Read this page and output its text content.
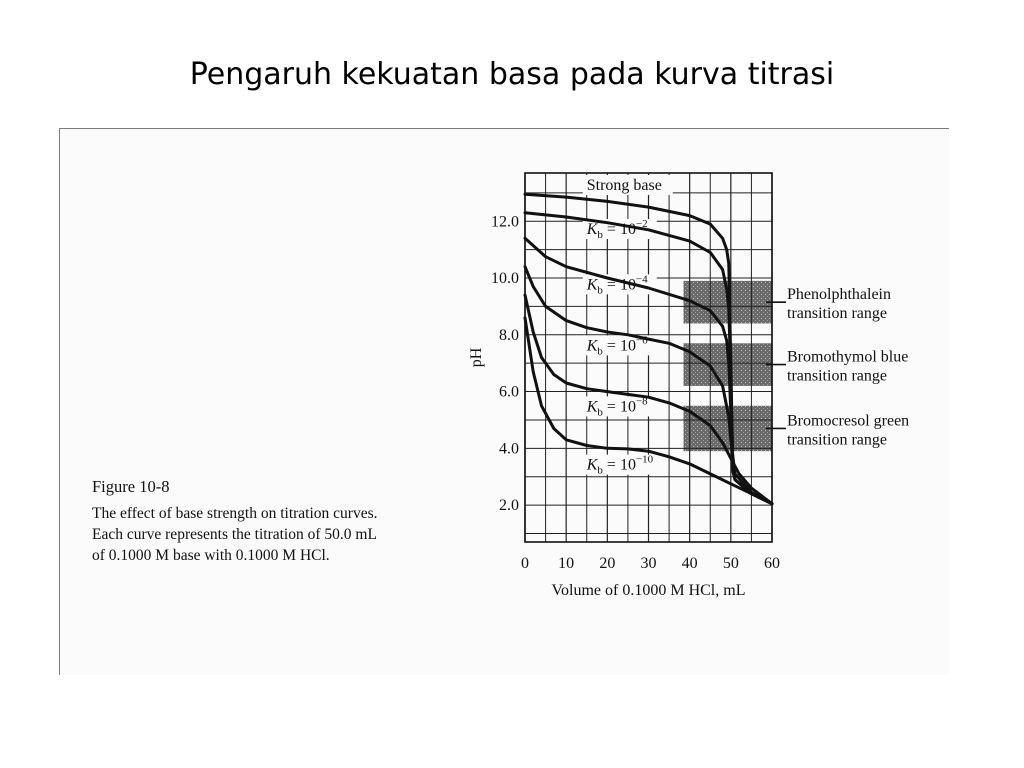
Pengaruh kekuatan basa pada kurva titrasi

Figure 10-8

The effect of base strength on titration curves. Each curve represents the titration of 50.0 mL of 0.1000 M base with 0.1000 M HCl.

Strong base
$K_b = 10^{-2}$
$K_b = 10^{-4}$
$K_b = 10^{-6}$
$K_b = 10^{-8}$
$K_b = 10^{-10}$
2.0
4.0
6.0
8.0
10.0
12.0
0 10 20 30 40 50 60
Volume of 0.1000 M HCl, mL
pH
Phenolphthalein
transition range
Bromothymol blue
transition range
Bromocresol green
transition range
